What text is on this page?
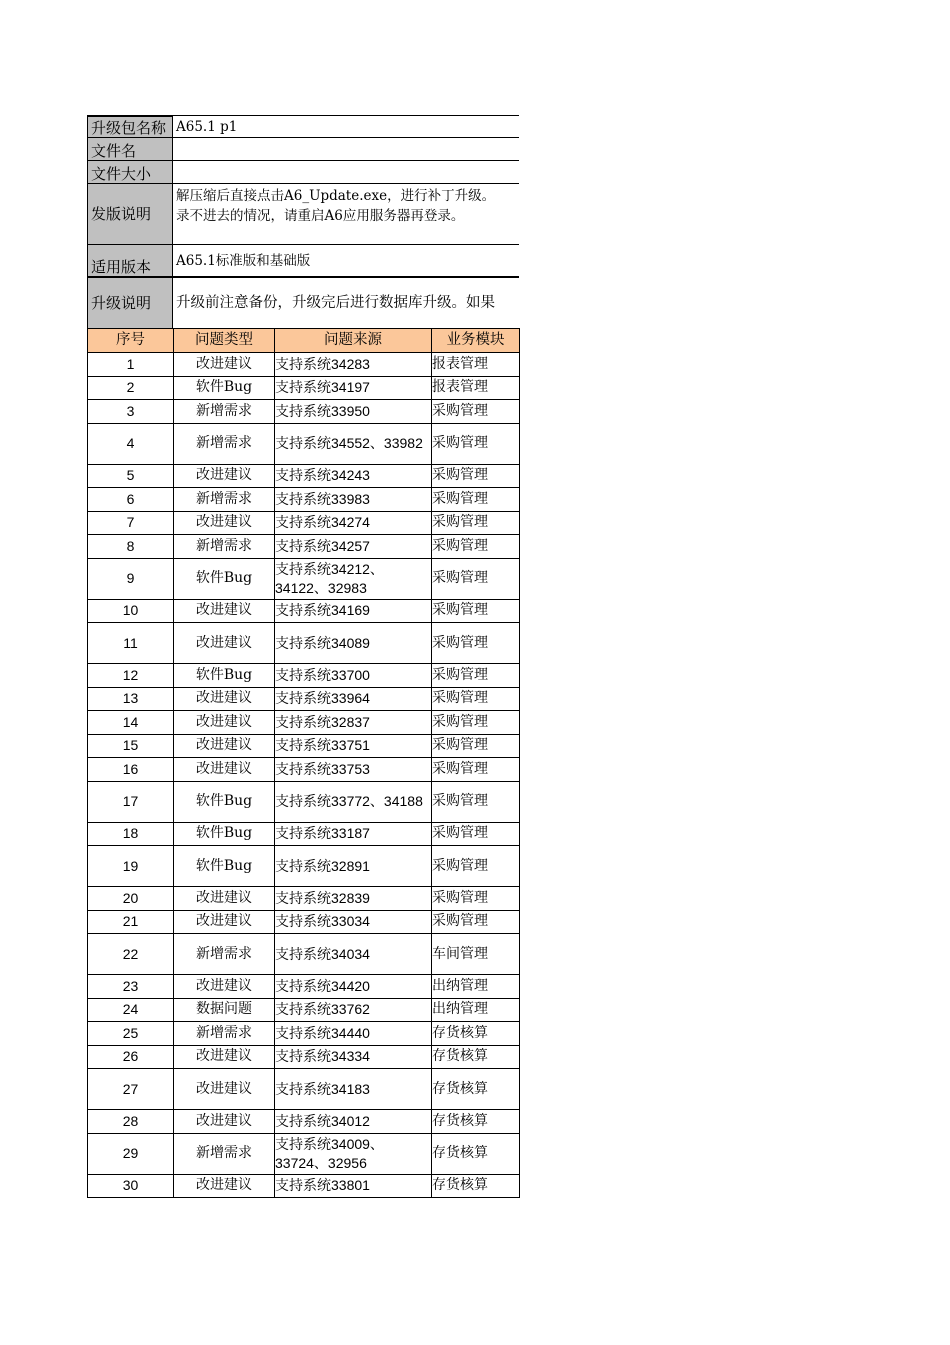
升级包名称 A65.1 p1
文件名
文件大小
发版说明
解压缩后直接点击A6_Update.exe，进行补丁升级。
录不进去的情况，请重启A6应用服务器再登录。
适用版本	A65.1标准版和基础版
升级说明	升级前注意备份，升级完后进行数据库升级。如果
序号	问题类型	问题来源	业务模块
1	改进建议	支持系统34283	报表管理
2	软件Bug	支持系统34197	报表管理
3	新增需求	支持系统33950	采购管理
4	新增需求	支持系统34552、33982	采购管理
5	改进建议	支持系统34243	采购管理
6	新增需求	支持系统33983	采购管理
7	改进建议	支持系统34274	采购管理
8	新增需求	支持系统34257	采购管理
9	软件Bug	支持系统34212、34122、32983	采购管理
10	改进建议	支持系统34169	采购管理
11	改进建议	支持系统34089	采购管理
12	软件Bug	支持系统33700	采购管理
13	改进建议	支持系统33964	采购管理
14	改进建议	支持系统32837	采购管理
15	改进建议	支持系统33751	采购管理
16	改进建议	支持系统33753	采购管理
17	软件Bug	支持系统33772、34188	采购管理
18	软件Bug	支持系统33187	采购管理
19	软件Bug	支持系统32891	采购管理
20	改进建议	支持系统32839	采购管理
21	改进建议	支持系统33034	采购管理
22	新增需求	支持系统34034	车间管理
23	改进建议	支持系统34420	出纳管理
24	数据问题	支持系统33762	出纳管理
25	新增需求	支持系统34440	存货核算
26	改进建议	支持系统34334	存货核算
27	改进建议	支持系统34183	存货核算
28	改进建议	支持系统34012	存货核算
29	新增需求	支持系统34009、33724、32956	存货核算
30	改进建议	支持系统33801	存货核算
